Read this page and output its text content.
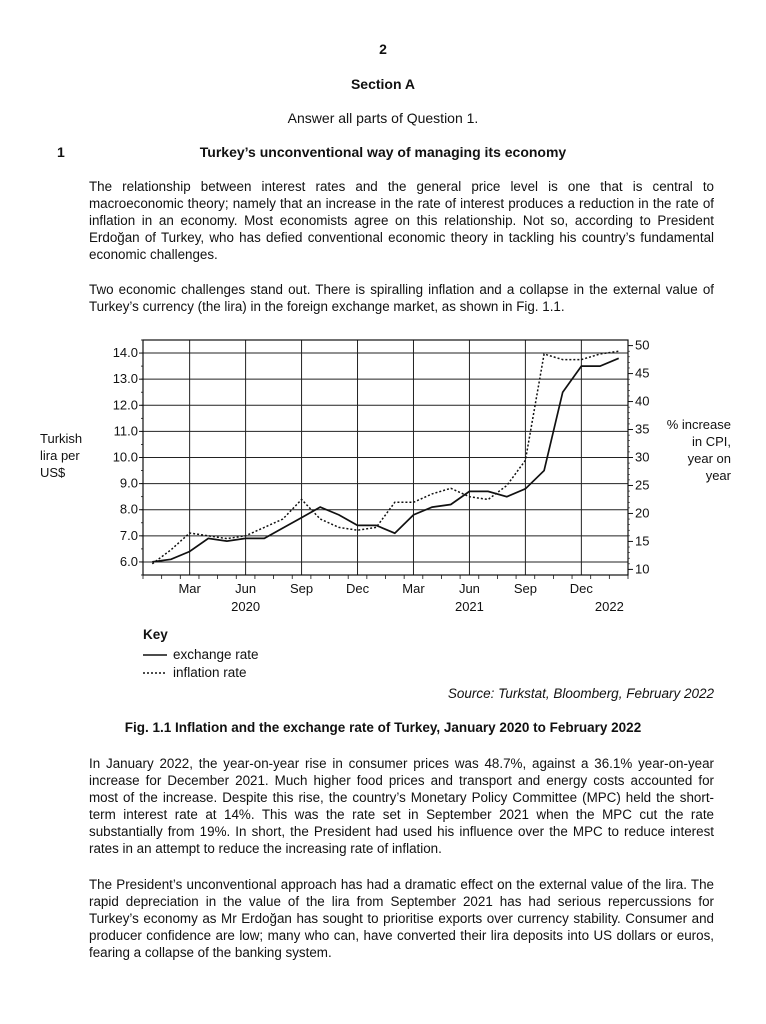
2
Section A
Answer all parts of Question 1.
1	Turkey’s unconventional way of managing its economy

The relationship between interest rates and the general price level is one that is central to macroeconomic theory; namely that an increase in the rate of interest produces a reduction in the rate of inflation in an economy. Most economists agree on this relationship. Not so, according to President Erdoğan of Turkey, who has defied conventional economic theory in tackling his country’s fundamental economic challenges.

Two economic challenges stand out. There is spiralling inflation and a collapse in the external value of Turkey’s currency (the lira) in the foreign exchange market, as shown in Fig. 1.1.

6.0
7.0
8.0
9.0
10.0
11.0
12.0
13.0
14.0
10
15
20
25
30
35
40
45
50
Mar	Jun	Sep	Dec	Mar	Jun	Sep	Dec
2020	2021	2022
Turkish
lira per
US$
% increase
in CPI,
year on
year
Key
exchange rate
inflation rate
Source: Turkstat, Bloomberg, February 2022
Fig. 1.1 Inflation and the exchange rate of Turkey, January 2020 to February 2022

In January 2022, the year-on-year rise in consumer prices was 48.7%, against a 36.1% year-on-year increase for December 2021. Much higher food prices and transport and energy costs accounted for most of the increase. Despite this rise, the country’s Monetary Policy Committee (MPC) held the short-term interest rate at 14%. This was the rate set in September 2021 when the MPC cut the rate substantially from 19%. In short, the President had used his influence over the MPC to reduce interest rates in an attempt to reduce the increasing rate of inflation.

The President’s unconventional approach has had a dramatic effect on the external value of the lira. The rapid depreciation in the value of the lira from September 2021 has had serious repercussions for Turkey’s economy as Mr Erdoğan has sought to prioritise exports over currency stability. Consumer and producer confidence are low; many who can, have converted their lira deposits into US dollars or euros, fearing a collapse of the banking system.
